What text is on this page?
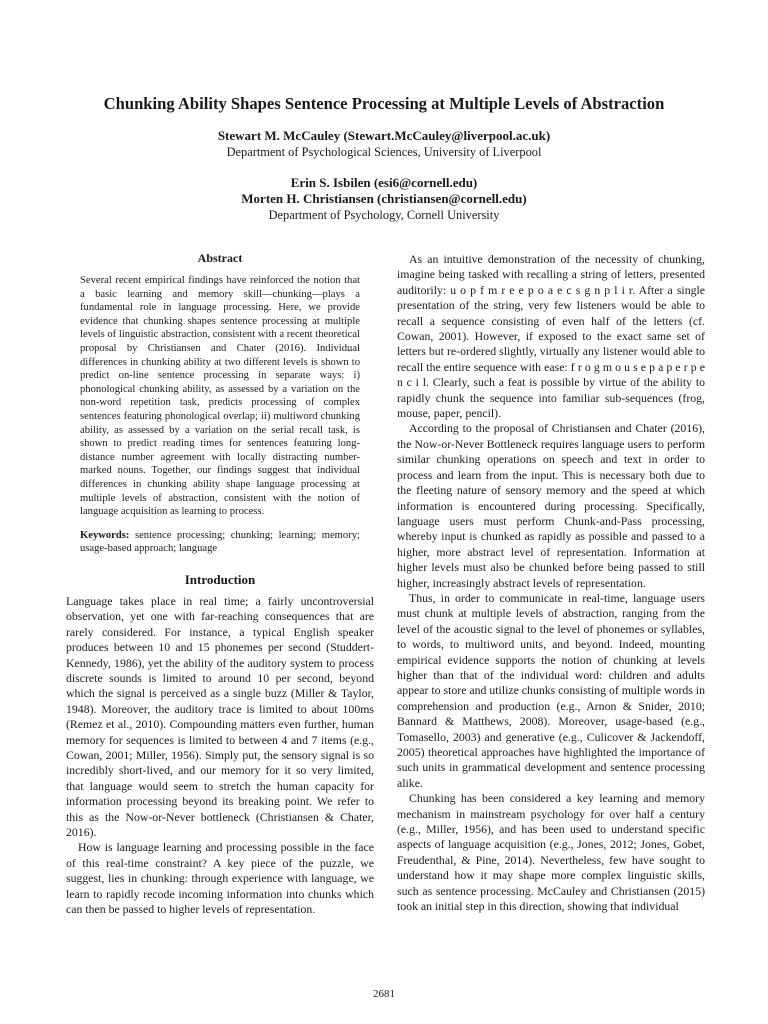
Chunking Ability Shapes Sentence Processing at Multiple Levels of Abstraction
Stewart M. McCauley (Stewart.McCauley@liverpool.ac.uk)
Department of Psychological Sciences, University of Liverpool
Erin S. Isbilen (esi6@cornell.edu)
Morten H. Christiansen (christiansen@cornell.edu)
Department of Psychology, Cornell University
Abstract

Several recent empirical findings have reinforced the notion that a basic learning and memory skill—chunking—plays a fundamental role in language processing. Here, we provide evidence that chunking shapes sentence processing at multiple levels of linguistic abstraction, consistent with a recent theoretical proposal by Christiansen and Chater (2016). Individual differences in chunking ability at two different levels is shown to predict on-line sentence processing in separate ways: i) phonological chunking ability, as assessed by a variation on the non-word repetition task, predicts processing of complex sentences featuring phonological overlap; ii) multiword chunking ability, as assessed by a variation on the serial recall task, is shown to predict reading times for sentences featuring long-distance number agreement with locally distracting number-marked nouns. Together, our findings suggest that individual differences in chunking ability shape language processing at multiple levels of abstraction, consistent with the notion of language acquisition as learning to process.

Keywords: sentence processing; chunking; learning; memory; usage-based approach; language

Introduction

Language takes place in real time; a fairly uncontroversial observation, yet one with far-reaching consequences that are rarely considered. For instance, a typical English speaker produces between 10 and 15 phonemes per second (Studdert-Kennedy, 1986), yet the ability of the auditory system to process discrete sounds is limited to around 10 per second, beyond which the signal is perceived as a single buzz (Miller & Taylor, 1948). Moreover, the auditory trace is limited to about 100ms (Remez et al., 2010). Compounding matters even further, human memory for sequences is limited to between 4 and 7 items (e.g., Cowan, 2001; Miller, 1956). Simply put, the sensory signal is so incredibly short-lived, and our memory for it so very limited, that language would seem to stretch the human capacity for information processing beyond its breaking point. We refer to this as the Now-or-Never bottleneck (Christiansen & Chater, 2016).

How is language learning and processing possible in the face of this real-time constraint? A key piece of the puzzle, we suggest, lies in chunking: through experience with language, we learn to rapidly recode incoming information into chunks which can then be passed to higher levels of representation.

As an intuitive demonstration of the necessity of chunking, imagine being tasked with recalling a string of letters, presented auditorily: u o p f m r e e p o a e c s g n p l i r. After a single presentation of the string, very few listeners would be able to recall a sequence consisting of even half of the letters (cf. Cowan, 2001). However, if exposed to the exact same set of letters but re-ordered slightly, virtually any listener would able to recall the entire sequence with ease: f r o g m o u s e p a p e r p e n c i l. Clearly, such a feat is possible by virtue of the ability to rapidly chunk the sequence into familiar sub-sequences (frog, mouse, paper, pencil).

According to the proposal of Christiansen and Chater (2016), the Now-or-Never Bottleneck requires language users to perform similar chunking operations on speech and text in order to process and learn from the input. This is necessary both due to the fleeting nature of sensory memory and the speed at which information is encountered during processing. Specifically, language users must perform Chunk-and-Pass processing, whereby input is chunked as rapidly as possible and passed to a higher, more abstract level of representation. Information at higher levels must also be chunked before being passed to still higher, increasingly abstract levels of representation.

Thus, in order to communicate in real-time, language users must chunk at multiple levels of abstraction, ranging from the level of the acoustic signal to the level of phonemes or syllables, to words, to multiword units, and beyond. Indeed, mounting empirical evidence supports the notion of chunking at levels higher than that of the individual word: children and adults appear to store and utilize chunks consisting of multiple words in comprehension and production (e.g., Arnon & Snider, 2010; Bannard & Matthews, 2008). Moreover, usage-based (e.g., Tomasello, 2003) and generative (e.g., Culicover & Jackendoff, 2005) theoretical approaches have highlighted the importance of such units in grammatical development and sentence processing alike.

Chunking has been considered a key learning and memory mechanism in mainstream psychology for over half a century (e.g., Miller, 1956), and has been used to understand specific aspects of language acquisition (e.g., Jones, 2012; Jones, Gobet, Freudenthal, & Pine, 2014). Nevertheless, few have sought to understand how it may shape more complex linguistic skills, such as sentence processing. McCauley and Christiansen (2015) took an initial step in this direction, showing that individual

2681
